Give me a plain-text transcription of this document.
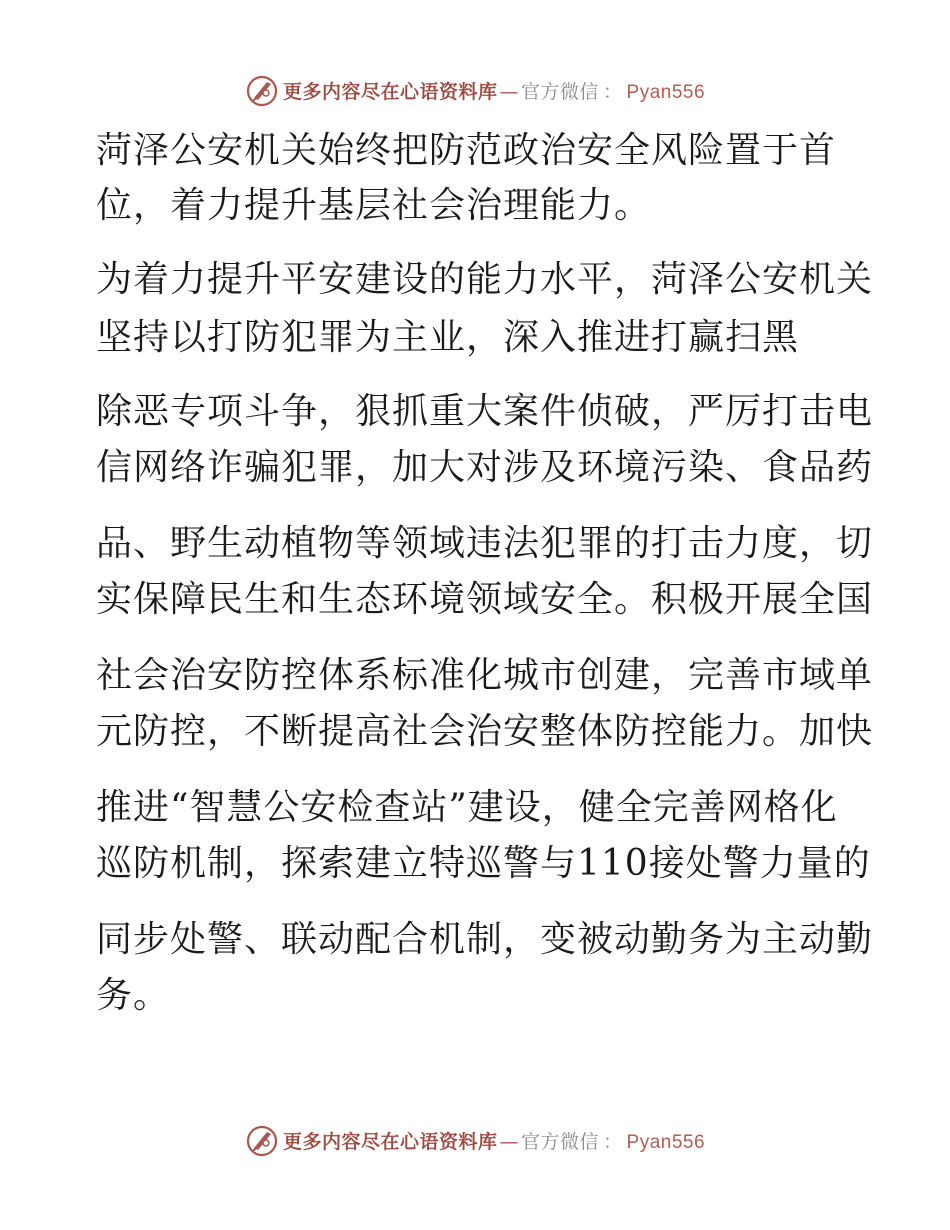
更多内容尽在心语资料库 — 官方微信 ： Pyan556
菏泽公安机关始终把防范政治安全风险置于首
位，着力提升基层社会治理能力。
为着力提升平安建设的能力水平，菏泽公安机关
坚持以打防犯罪为主业，深入推进打赢扫黑
除恶专项斗争，狠抓重大案件侦破，严厉打击电
信网络诈骗犯罪，加大对涉及环境污染、食品药
品、野生动植物等领域违法犯罪的打击力度，切
实保障民生和生态环境领域安全。积极开展全国
社会治安防控体系标准化城市创建，完善市域单
元防控，不断提高社会治安整体防控能力。加快
推进“智慧公安检查站”建设，健全完善网格化
巡防机制，探索建立特巡警与110接处警力量的
同步处警、联动配合机制，变被动勤务为主动勤
务。
更多内容尽在心语资料库 — 官方微信 ： Pyan556
